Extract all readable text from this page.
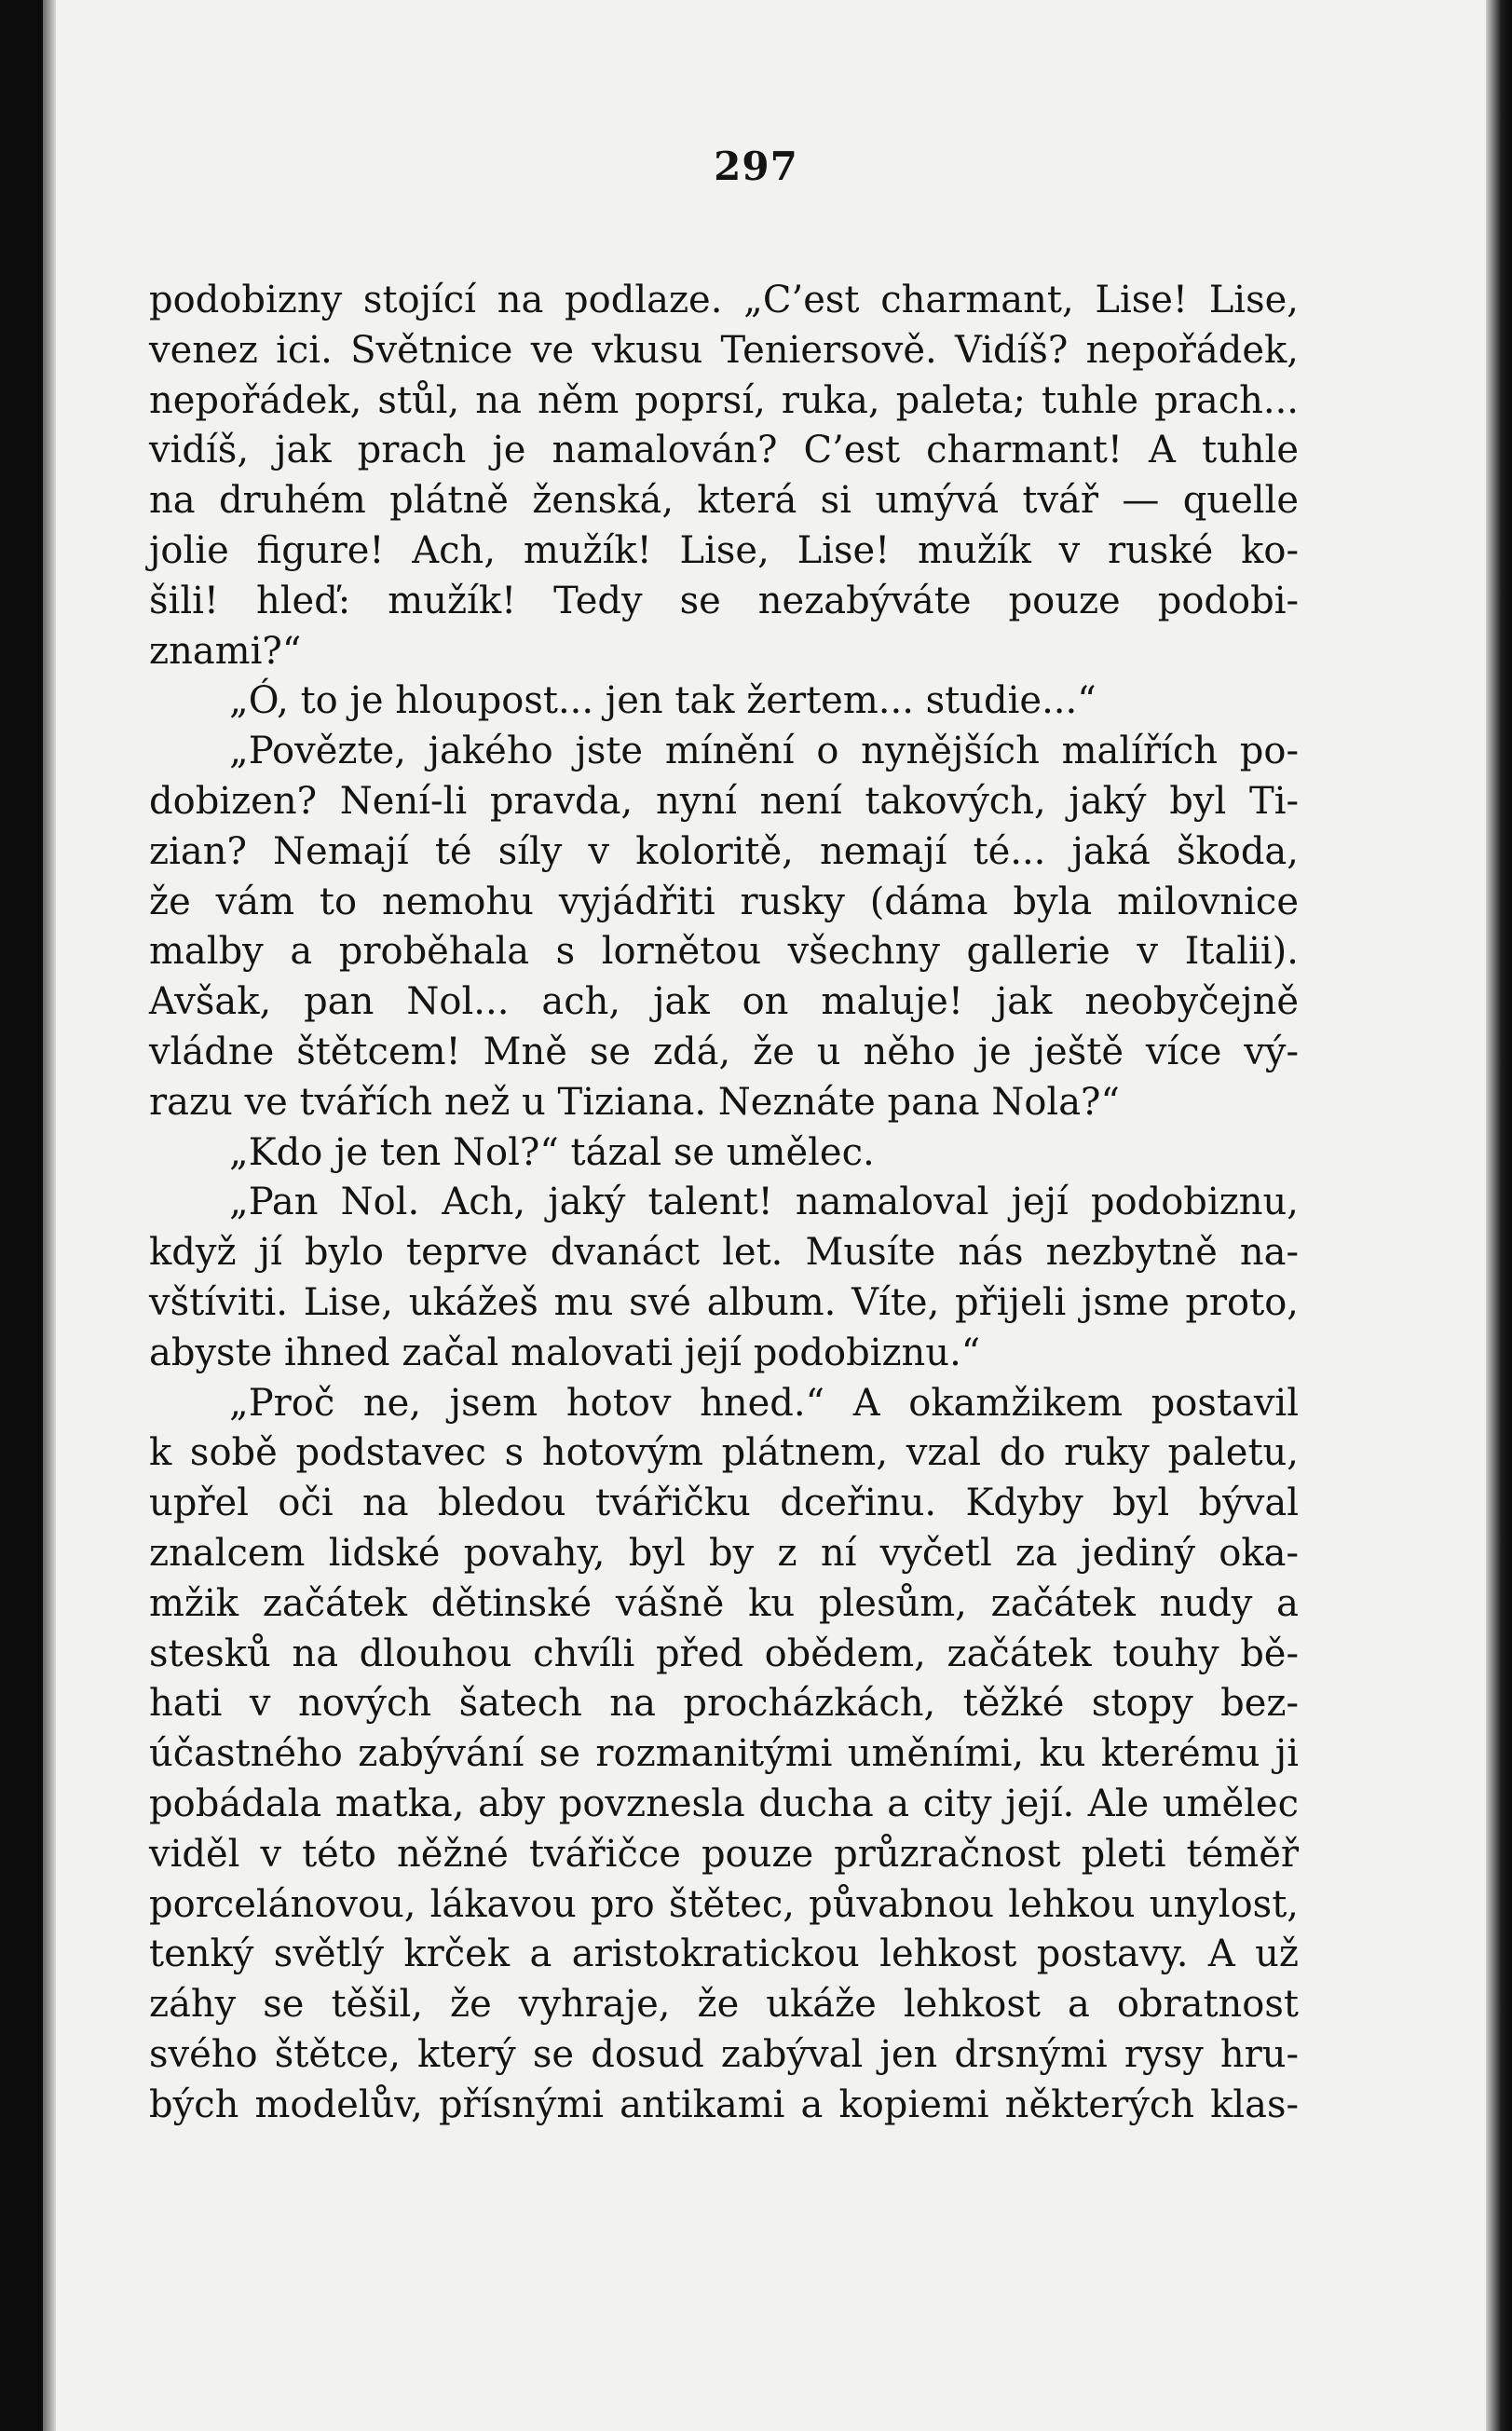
297
podobizny stojící na podlaze. „C’est charmant, Lise! Lise,
venez ici. Světnice ve vkusu Teniersově. Vidíš? nepořádek,
nepořádek, stůl, na něm poprsí, ruka, paleta; tuhle prach...
vidíš, jak prach je namalován? C’est charmant! A tuhle
na druhém plátně ženská, která si umývá tvář — quelle
jolie figure! Ach, mužík! Lise, Lise! mužík v ruské ko-
šili! hleď: mužík! Tedy se nezabýváte pouze podobi-
znami?“
„Ó, to je hloupost... jen tak žertem... studie...“
„Povězte, jakého jste mínění o nynějších malířích po-
dobizen? Není-li pravda, nyní není takových, jaký byl Ti-
zian? Nemají té síly v koloritě, nemají té... jaká škoda,
že vám to nemohu vyjádřiti rusky (dáma byla milovnice
malby a proběhala s lornětou všechny gallerie v Italii).
Avšak, pan Nol... ach, jak on maluje! jak neobyčejně
vládne štětcem! Mně se zdá, že u něho je ještě více vý-
razu ve tvářích než u Tiziana. Neznáte pana Nola?“
„Kdo je ten Nol?“ tázal se umělec.
„Pan Nol. Ach, jaký talent! namaloval její podobiznu,
když jí bylo teprve dvanáct let. Musíte nás nezbytně na-
vštíviti. Lise, ukážeš mu své album. Víte, přijeli jsme proto,
abyste ihned začal malovati její podobiznu.“
„Proč ne, jsem hotov hned.“ A okamžikem postavil
k sobě podstavec s hotovým plátnem, vzal do ruky paletu,
upřel oči na bledou tvářičku dceřinu. Kdyby byl býval
znalcem lidské povahy, byl by z ní vyčetl za jediný oka-
mžik začátek dětinské vášně ku plesům, začátek nudy a
stesků na dlouhou chvíli před obědem, začátek touhy bě-
hati v nových šatech na procházkách, těžké stopy bez-
účastného zabývání se rozmanitými uměními, ku kterému ji
pobádala matka, aby povznesla ducha a city její. Ale umělec
viděl v této něžné tvářičce pouze průzračnost pleti téměř
porcelánovou, lákavou pro štětec, půvabnou lehkou unylost,
tenký světlý krček a aristokratickou lehkost postavy. A už
záhy se těšil, že vyhraje, že ukáže lehkost a obratnost
svého štětce, který se dosud zabýval jen drsnými rysy hru-
bých modelův, přísnými antikami a kopiemi některých klas-
